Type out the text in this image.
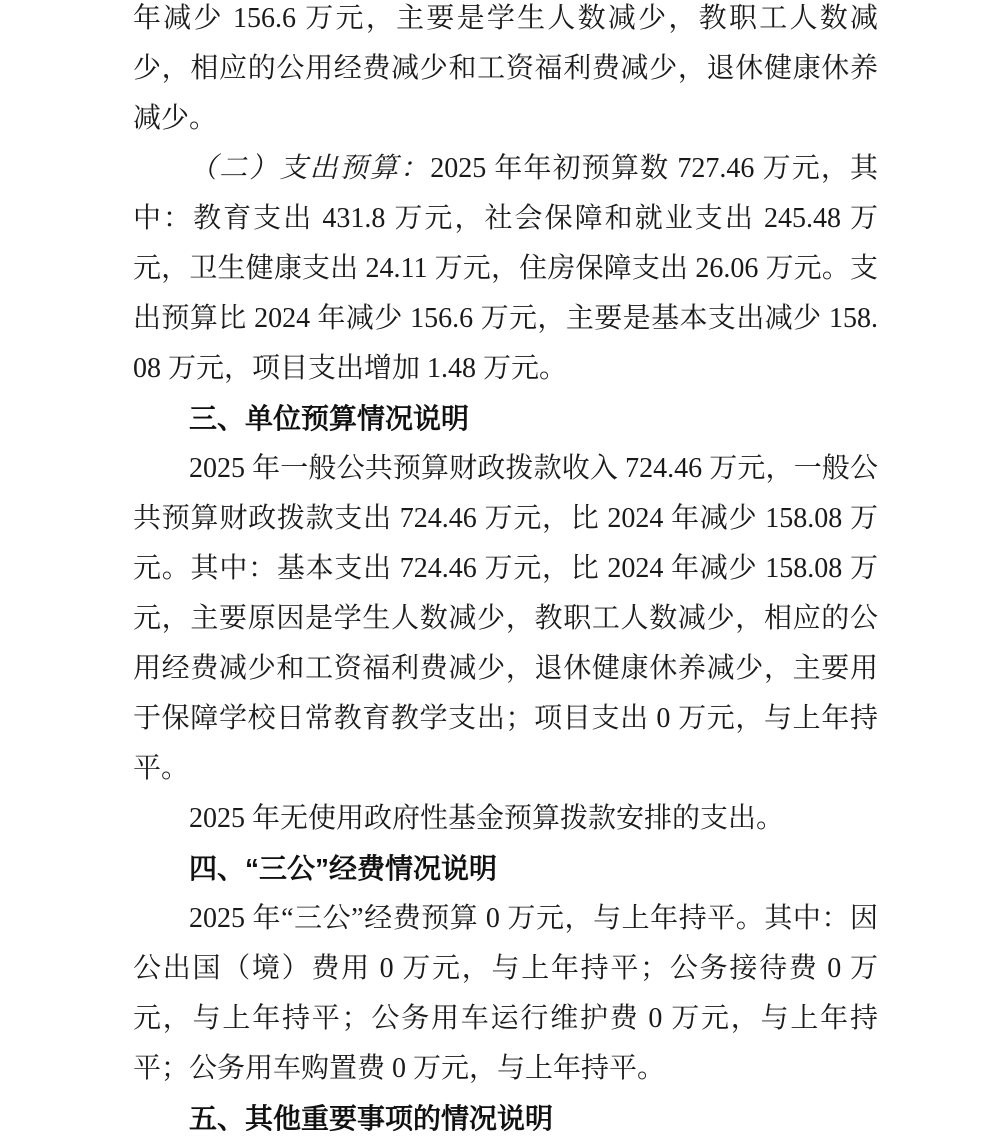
年减少 156.6 万元，主要是学生人数减少，教职工人数减少，相应的公用经费减少和工资福利费减少，退休健康休养减少。

（二）支出预算：2025 年年初预算数 727.46 万元，其中：教育支出 431.8 万元，社会保障和就业支出 245.48 万元，卫生健康支出 24.11 万元，住房保障支出 26.06 万元。支出预算比 2024 年减少 156.6 万元，主要是基本支出减少 158.08 万元，项目支出增加 1.48 万元。

三、单位预算情况说明

2025 年一般公共预算财政拨款收入 724.46 万元，一般公共预算财政拨款支出 724.46 万元，比 2024 年减少 158.08 万元。其中：基本支出 724.46 万元，比 2024 年减少 158.08 万元，主要原因是学生人数减少，教职工人数减少，相应的公用经费减少和工资福利费减少，退休健康休养减少，主要用于保障学校日常教育教学支出；项目支出 0 万元，与上年持平。

2025 年无使用政府性基金预算拨款安排的支出。

四、“三公”经费情况说明

2025 年“三公”经费预算 0 万元，与上年持平。其中：因公出国（境）费用 0 万元，与上年持平；公务接待费 0 万元，与上年持平；公务用车运行维护费 0 万元，与上年持平；公务用车购置费 0 万元，与上年持平。

五、其他重要事项的情况说明
